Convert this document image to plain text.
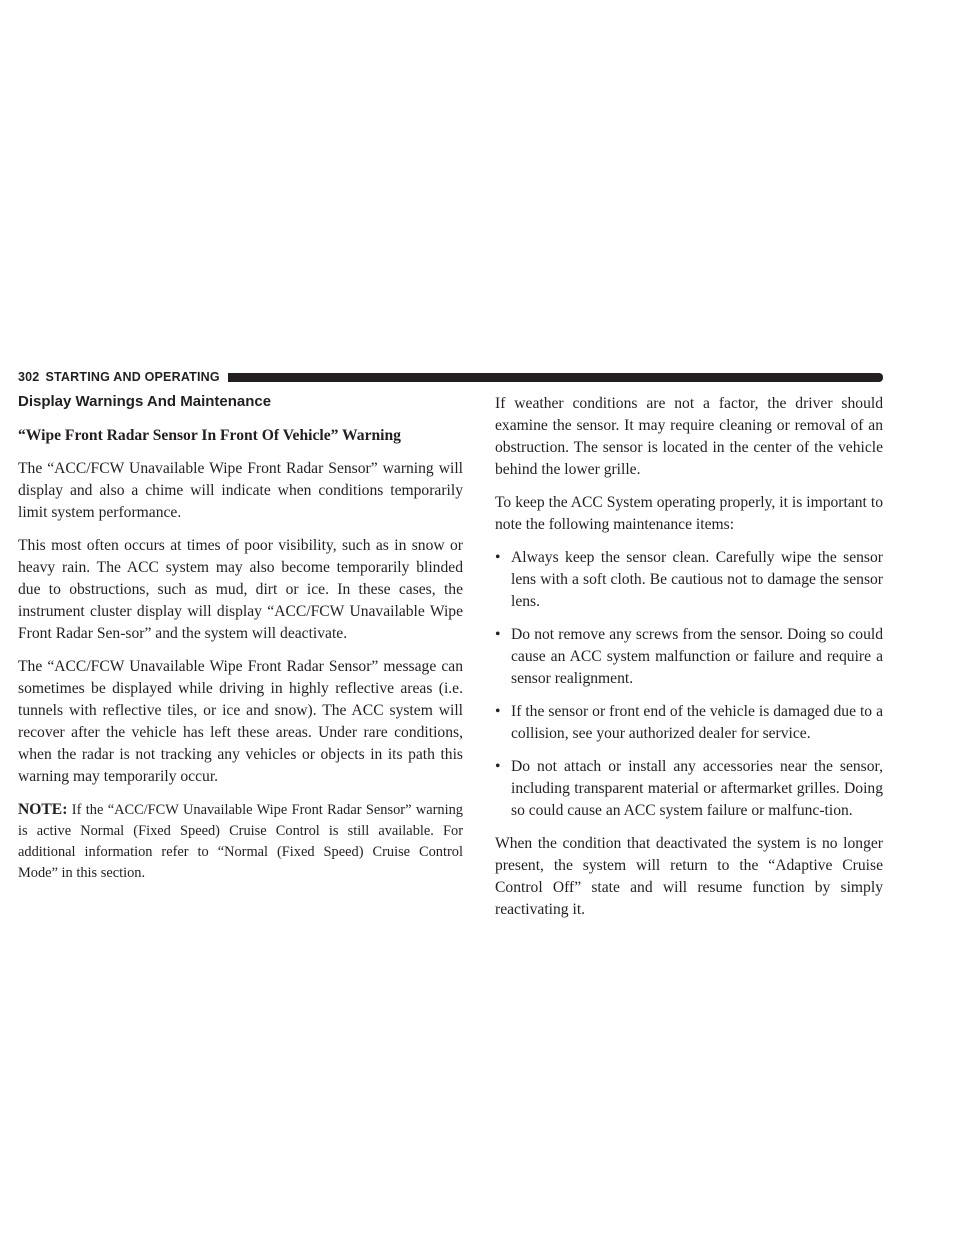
302 STARTING AND OPERATING
Display Warnings And Maintenance
“Wipe Front Radar Sensor In Front Of Vehicle” Warning

The “ACC/FCW Unavailable Wipe Front Radar Sensor” warning will display and also a chime will indicate when conditions temporarily limit system performance.

This most often occurs at times of poor visibility, such as in snow or heavy rain. The ACC system may also become temporarily blinded due to obstructions, such as mud, dirt or ice. In these cases, the instrument cluster display will display “ACC/FCW Unavailable Wipe Front Radar Sen-sor” and the system will deactivate.

The “ACC/FCW Unavailable Wipe Front Radar Sensor” message can sometimes be displayed while driving in highly reflective areas (i.e. tunnels with reflective tiles, or ice and snow). The ACC system will recover after the vehicle has left these areas. Under rare conditions, when the radar is not tracking any vehicles or objects in its path this warning may temporarily occur.

NOTE: If the “ACC/FCW Unavailable Wipe Front Radar Sensor” warning is active Normal (Fixed Speed) Cruise Control is still available. For additional information refer to “Normal (Fixed Speed) Cruise Control Mode” in this section.

If weather conditions are not a factor, the driver should examine the sensor. It may require cleaning or removal of an obstruction. The sensor is located in the center of the vehicle behind the lower grille.

To keep the ACC System operating properly, it is important to note the following maintenance items:

• Always keep the sensor clean. Carefully wipe the sensor lens with a soft cloth. Be cautious not to damage the sensor lens.
• Do not remove any screws from the sensor. Doing so could cause an ACC system malfunction or failure and require a sensor realignment.
• If the sensor or front end of the vehicle is damaged due to a collision, see your authorized dealer for service.
• Do not attach or install any accessories near the sensor, including transparent material or aftermarket grilles. Doing so could cause an ACC system failure or malfunc-tion.

When the condition that deactivated the system is no longer present, the system will return to the “Adaptive Cruise Control Off” state and will resume function by simply reactivating it.
